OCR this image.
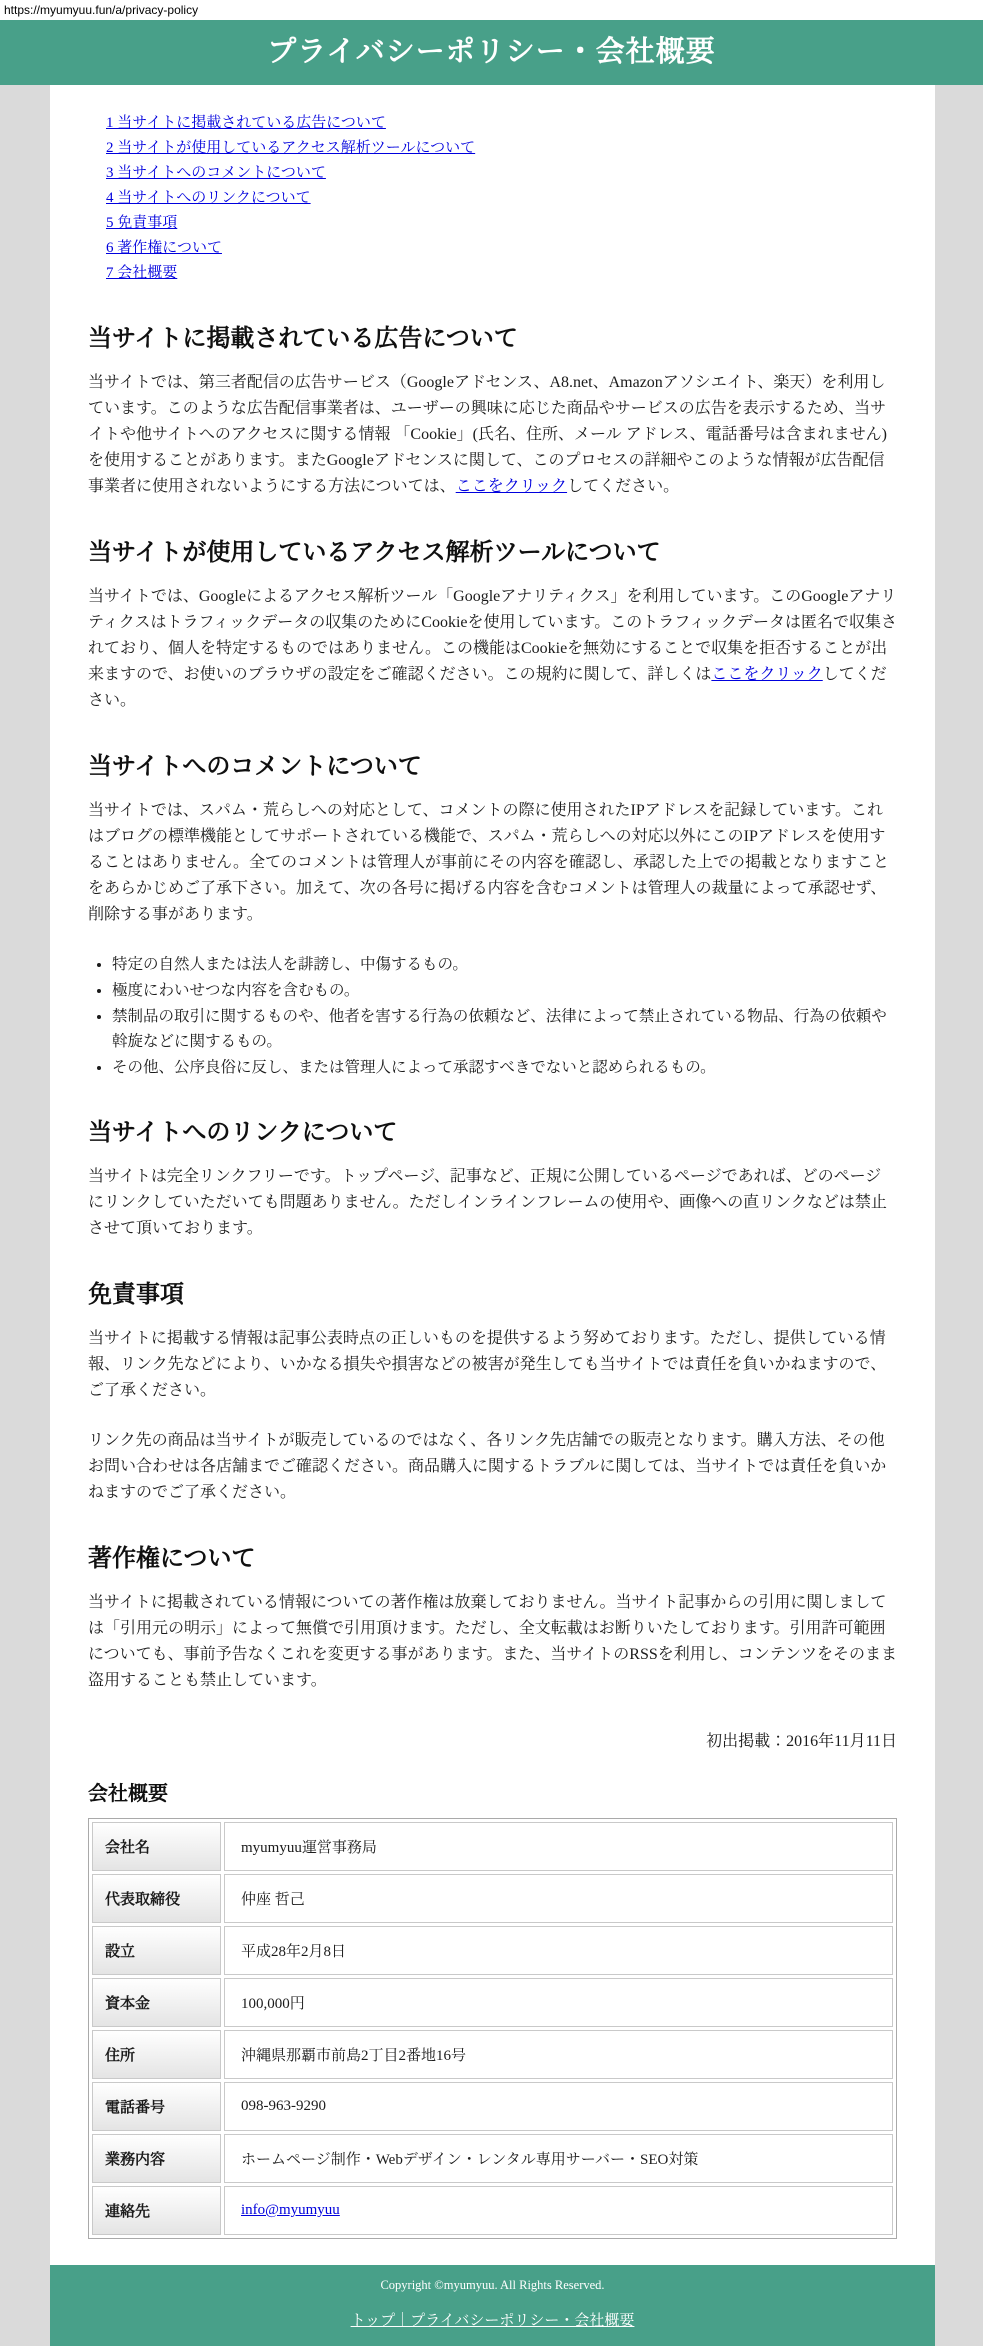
https://myumyuu.fun/a/privacy-policy
プライバシーポリシー・会社概要
1 当サイトに掲載されている広告について
2 当サイトが使用しているアクセス解析ツールについて
3 当サイトへのコメントについて
4 当サイトへのリンクについて
5 免責事項
6 著作権について
7 会社概要
当サイトに掲載されている広告について

当サイトでは、第三者配信の広告サービス（Googleアドセンス、A8.net、Amazonアソシエイト、楽天）を利用しています。このような広告配信事業者は、ユーザーの興味に応じた商品やサービスの広告を表示するため、当サイトや他サイトへのアクセスに関する情報 「Cookie」(氏名、住所、メール アドレス、電話番号は含まれません) を使用することがあります。またGoogleアドセンスに関して、このプロセスの詳細やこのような情報が広告配信事業者に使用されないようにする方法については、ここをクリックしてください。

当サイトが使用しているアクセス解析ツールについて

当サイトでは、Googleによるアクセス解析ツール「Googleアナリティクス」を利用しています。このGoogleアナリティクスはトラフィックデータの収集のためにCookieを使用しています。このトラフィックデータは匿名で収集されており、個人を特定するものではありません。この機能はCookieを無効にすることで収集を拒否することが出来ますので、お使いのブラウザの設定をご確認ください。この規約に関して、詳しくはここをクリックしてください。

当サイトへのコメントについて

当サイトでは、スパム・荒らしへの対応として、コメントの際に使用されたIPアドレスを記録しています。これはブログの標準機能としてサポートされている機能で、スパム・荒らしへの対応以外にこのIPアドレスを使用することはありません。全てのコメントは管理人が事前にその内容を確認し、承認した上での掲載となりますことをあらかじめご了承下さい。加えて、次の各号に掲げる内容を含むコメントは管理人の裁量によって承認せず、削除する事があります。

• 特定の自然人または法人を誹謗し、中傷するもの。
• 極度にわいせつな内容を含むもの。
• 禁制品の取引に関するものや、他者を害する行為の依頼など、法律によって禁止されている物品、行為の依頼や斡旋などに関するもの。
• その他、公序良俗に反し、または管理人によって承認すべきでないと認められるもの。
当サイトへのリンクについて

当サイトは完全リンクフリーです。トップページ、記事など、正規に公開しているページであれば、どのページにリンクしていただいても問題ありません。ただしインラインフレームの使用や、画像への直リンクなどは禁止させて頂いております。

免責事項

当サイトに掲載する情報は記事公表時点の正しいものを提供するよう努めております。ただし、提供している情報、リンク先などにより、いかなる損失や損害などの被害が発生しても当サイトでは責任を負いかねますので、ご了承ください。

リンク先の商品は当サイトが販売しているのではなく、各リンク先店舗での販売となります。購入方法、その他お問い合わせは各店舗までご確認ください。商品購入に関するトラブルに関しては、当サイトでは責任を負いかねますのでご了承ください。

著作権について

当サイトに掲載されている情報についての著作権は放棄しておりません。当サイト記事からの引用に関しましては「引用元の明示」によって無償で引用頂けます。ただし、全文転載はお断りいたしております。引用許可範囲についても、事前予告なくこれを変更する事があります。また、当サイトのRSSを利用し、コンテンツをそのまま盗用することも禁止しています。

初出掲載：2016年11月11日
会社概要
会社名	myumyuu運営事務局
代表取締役	仲座 哲己
設立	平成28年2月8日
資本金	100,000円
住所	沖縄県那覇市前島2丁目2番地16号
電話番号	098-963-9290
業務内容	ホームページ制作・Webデザイン・レンタル専用サーバー・SEO対策
連絡先	info@myumyuu
Copyright ©myumyuu. All Rights Reserved.
トップ｜プライバシーポリシー・会社概要
